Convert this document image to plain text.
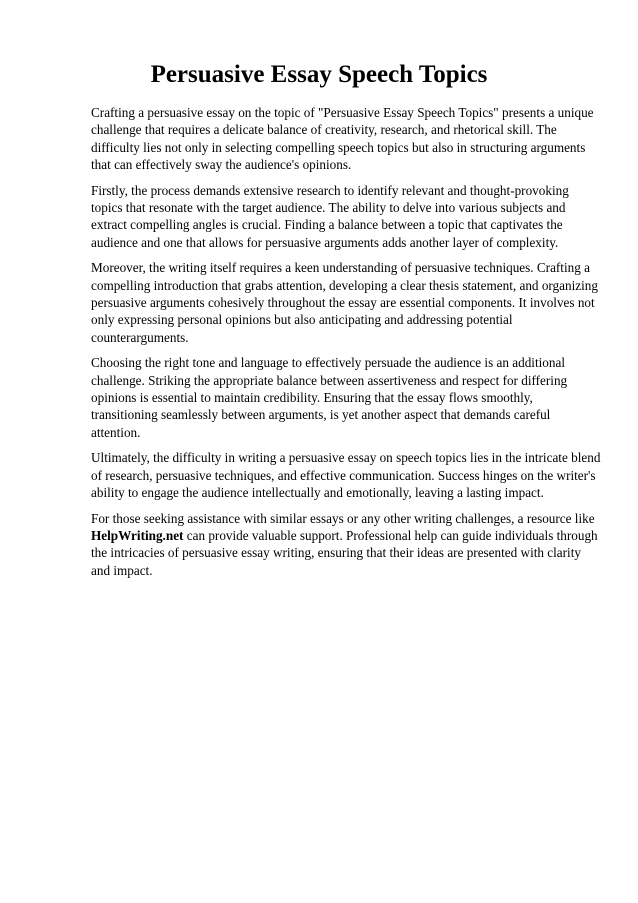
Persuasive Essay Speech Topics

Crafting a persuasive essay on the topic of "Persuasive Essay Speech Topics" presents a unique challenge that requires a delicate balance of creativity, research, and rhetorical skill. The difficulty lies not only in selecting compelling speech topics but also in structuring arguments that can effectively sway the audience's opinions.

Firstly, the process demands extensive research to identify relevant and thought-provoking topics that resonate with the target audience. The ability to delve into various subjects and extract compelling angles is crucial. Finding a balance between a topic that captivates the audience and one that allows for persuasive arguments adds another layer of complexity.

Moreover, the writing itself requires a keen understanding of persuasive techniques. Crafting a compelling introduction that grabs attention, developing a clear thesis statement, and organizing persuasive arguments cohesively throughout the essay are essential components. It involves not only expressing personal opinions but also anticipating and addressing potential counterarguments.

Choosing the right tone and language to effectively persuade the audience is an additional challenge. Striking the appropriate balance between assertiveness and respect for differing opinions is essential to maintain credibility. Ensuring that the essay flows smoothly, transitioning seamlessly between arguments, is yet another aspect that demands careful attention.

Ultimately, the difficulty in writing a persuasive essay on speech topics lies in the intricate blend of research, persuasive techniques, and effective communication. Success hinges on the writer's ability to engage the audience intellectually and emotionally, leaving a lasting impact.

For those seeking assistance with similar essays or any other writing challenges, a resource like HelpWriting.net can provide valuable support. Professional help can guide individuals through the intricacies of persuasive essay writing, ensuring that their ideas are presented with clarity and impact.
